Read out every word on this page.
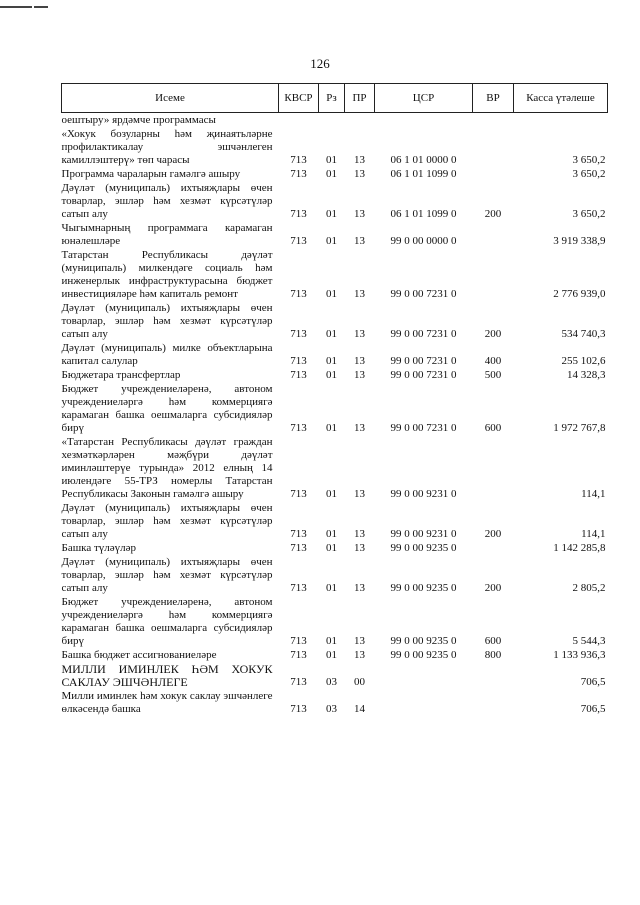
126
Исеме	КВСР	Рз	ПР	ЦСР	ВР	Касса үтәлеше

оештыру» ярдәмче программасы						

«Хокук бозуларны һәм җинаятьләрне профилактикалау эшчәнлеген камиллэштерү» төп чарасы	713	01	13	06 1 01 0000 0		3 650,2

Программа чараларын гамәлгә ашыру	713	01	13	06 1 01 1099 0		3 650,2

Дәүләт (муниципаль) ихтыяҗлары өчен товарлар, эшләр һәм хезмәт күрсәтүләр сатып алу	713	01	13	06 1 01 1099 0	200	3 650,2

Чыгымнарның программага карамаган юнәлешләре	713	01	13	99 0 00 0000 0		3 919 338,9

Татарстан Республикасы дәүләт (муниципаль) милкендәге социаль һәм инженерлык инфраструктурасына бюджет инвестицияләре һәм капиталь ремонт	713	01	13	99 0 00 7231 0		2 776 939,0

Дәүләт (муниципаль) ихтыяҗлары өчен товарлар, эшләр һәм хезмәт күрсәтүләр сатып алу	713	01	13	99 0 00 7231 0	200	534 740,3

Дәүләт (муниципаль) милке объектларына капитал салулар	713	01	13	99 0 00 7231 0	400	255 102,6

Бюджетара трансфертлар	713	01	13	99 0 00 7231 0	500	14 328,3

Бюджет учреждениеләренә, автоном учреждениеләргә һәм коммерциягә карамаган башка оешмаларга субсидияләр бирү	713	01	13	99 0 00 7231 0	600	1 972 767,8

«Татарстан Республикасы дәүләт граждан хезмәткәрләрен мәҗбүри дәүләт иминләштерүе турында» 2012 елның 14 июлендәге 55-ТРЗ номерлы Татарстан Республикасы Законын гамәлгә ашыру	713	01	13	99 0 00 9231 0		114,1

Дәүләт (муниципаль) ихтыяҗлары өчен товарлар, эшләр һәм хезмәт күрсәтүләр сатып алу	713	01	13	99 0 00 9231 0	200	114,1

Башка түләүләр	713	01	13	99 0 00 9235 0		1 142 285,8

Дәүләт (муниципаль) ихтыяҗлары өчен товарлар, эшләр һәм хезмәт күрсәтүләр сатып алу	713	01	13	99 0 00 9235 0	200	2 805,2

Бюджет учреждениеләренә, автоном учреждениеләргә һәм коммерциягә карамаган башка оешмаларга субсидияләр бирү	713	01	13	99 0 00 9235 0	600	5 544,3

Башка бюджет ассигнованиеләре	713	01	13	99 0 00 9235 0	800	1 133 936,3

МИЛЛИ ИМИНЛЕК ҺӘМ ХОКУК САКЛАУ ЭШЧӘНЛЕГЕ	713	03	00			706,5

Милли иминлек һәм хокук саклау эшчәнлеге өлкәсендә башка	713	03	14			706,5
